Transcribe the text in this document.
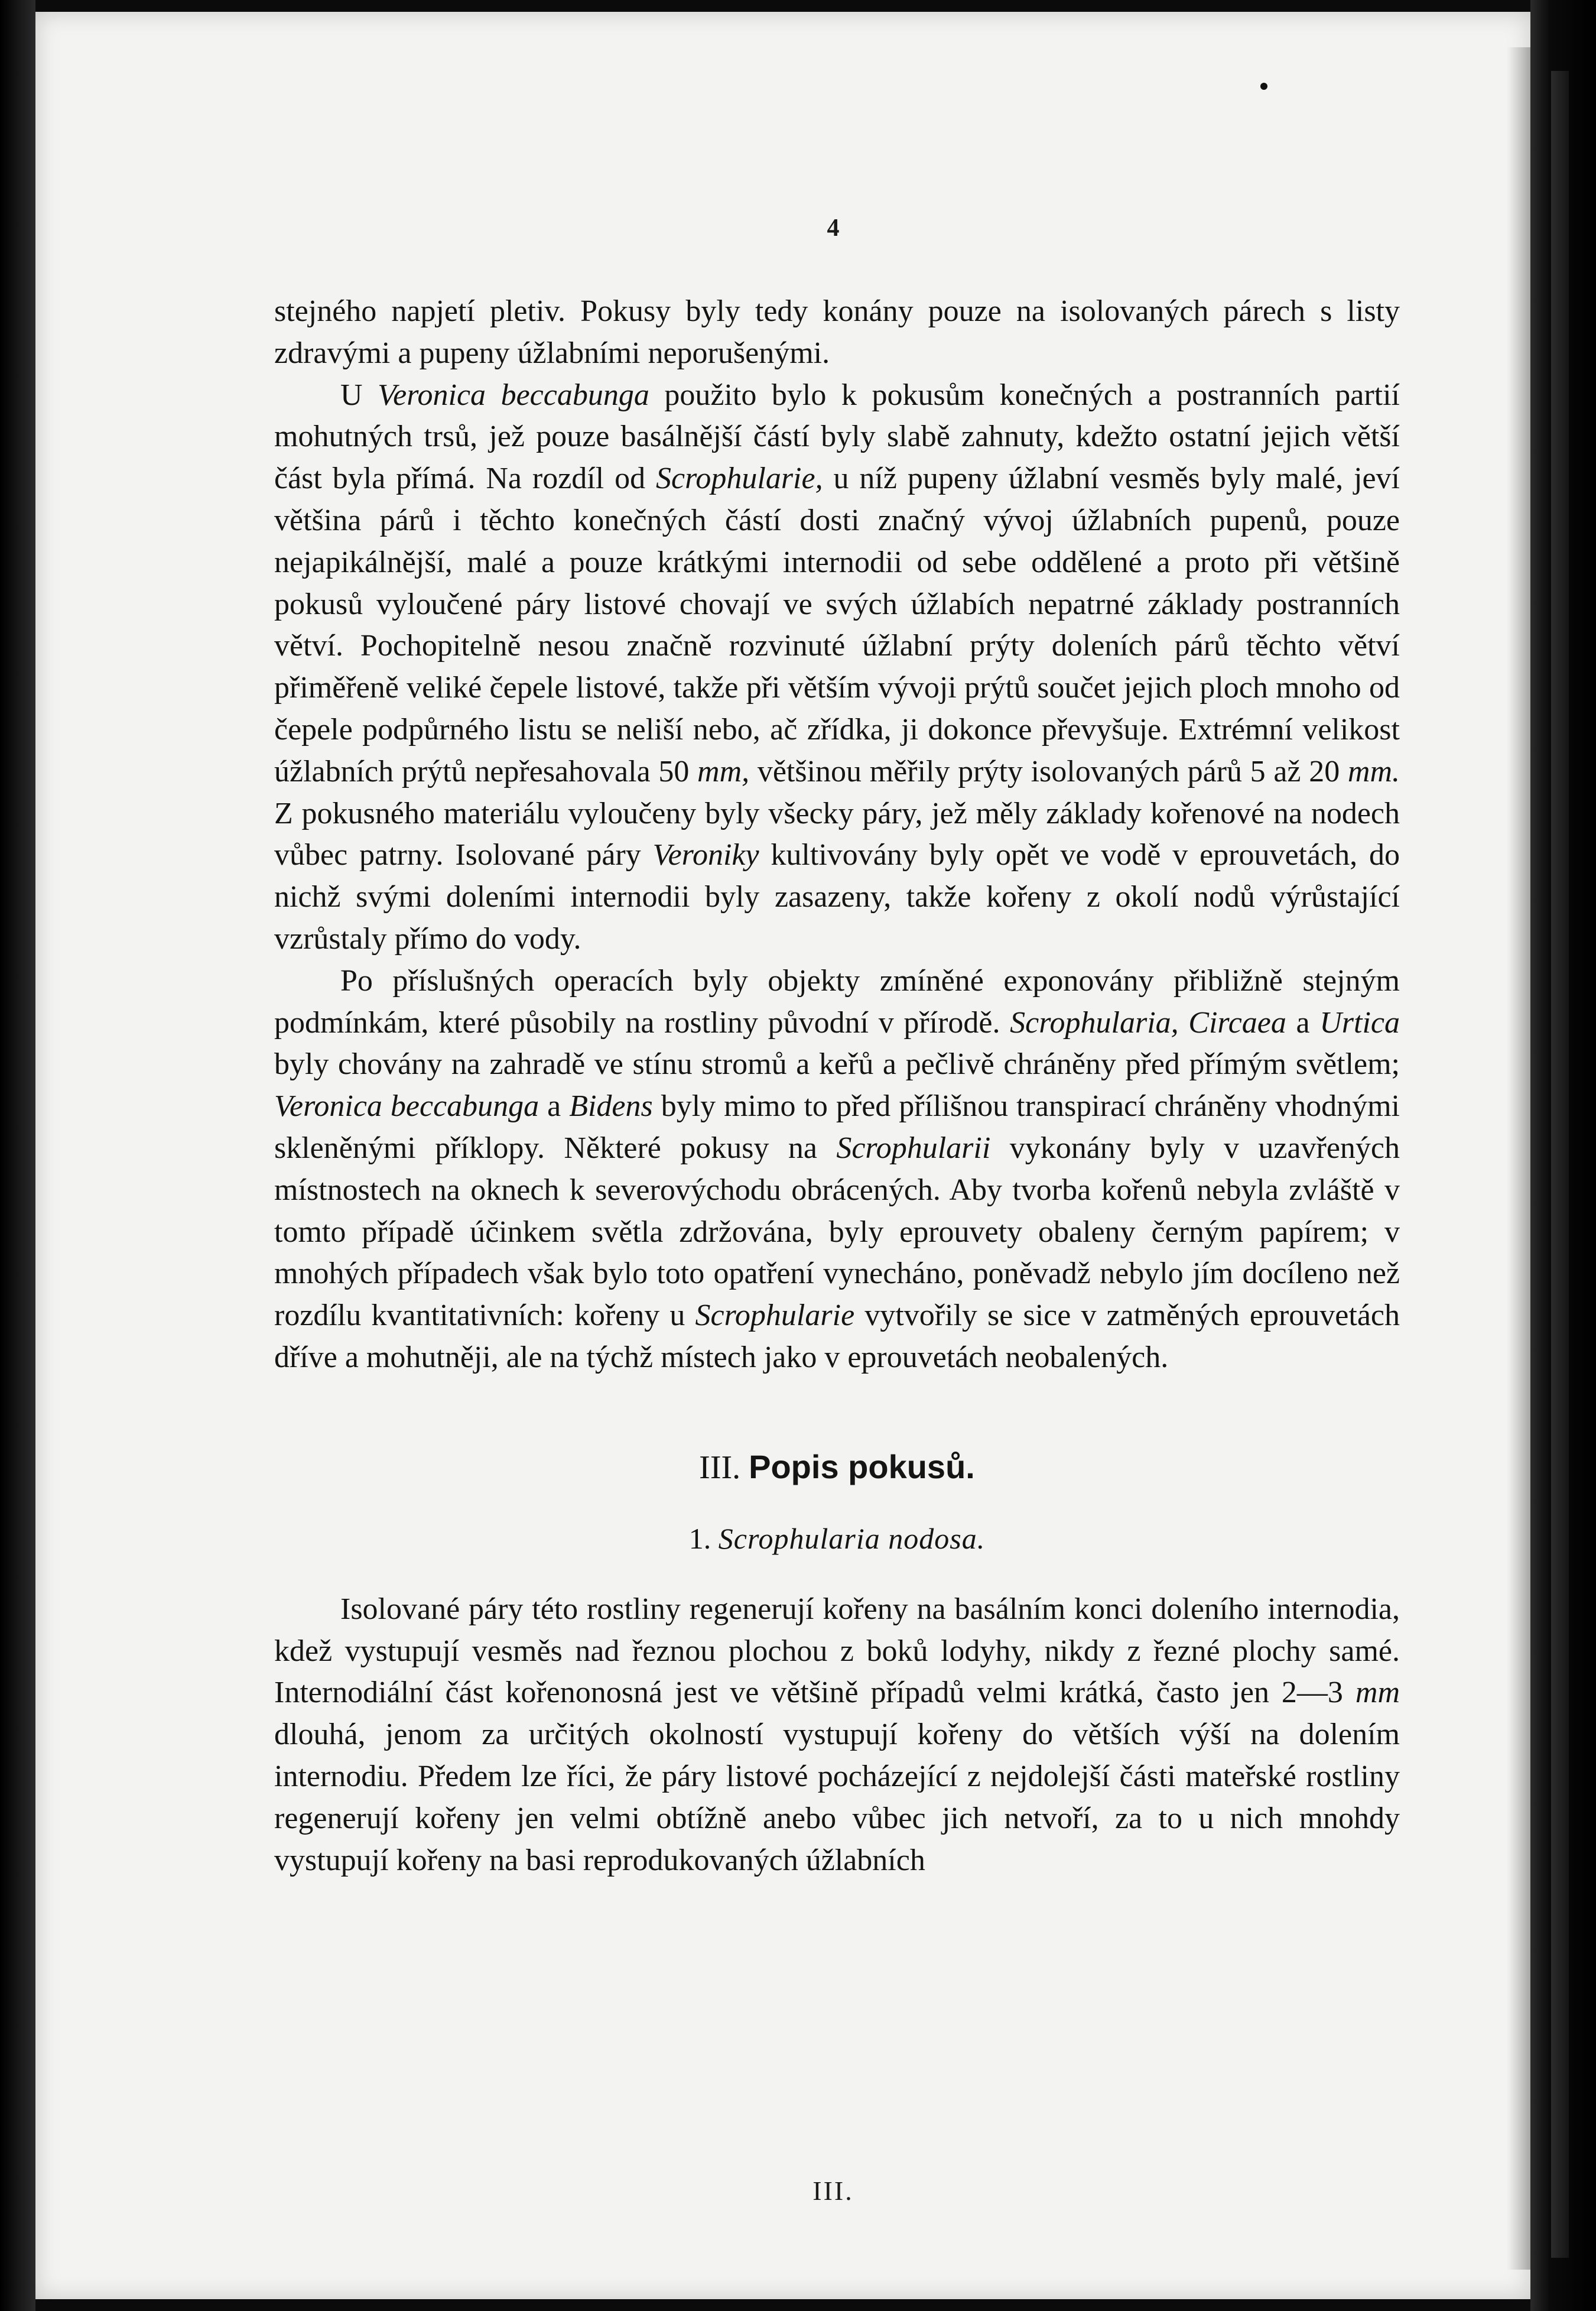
4

stejného napjetí pletiv. Pokusy byly tedy konány pouze na isolovaných párech s listy zdravými a pupeny úžlabními neporušenými.

U Veronica beccabunga použito bylo k pokusům konečných a postranních partií mohutných trsů, jež pouze basálnější částí byly slabě zahnuty, kdežto ostatní jejich větší část byla přímá. Na rozdíl od Scrophularie, u níž pupeny úžlabní vesměs byly malé, jeví většina párů i těchto konečných částí dosti značný vývoj úžlabních pupenů, pouze nejapikálnější, malé a pouze krátkými internodii od sebe oddělené a proto při většině pokusů vyloučené páry listové chovají ve svých úžlabích nepatrné základy postranních větví. Pochopitelně nesou značně rozvinuté úžlabní prýty doleních párů těchto větví přiměřeně veliké čepele listové, takže při větším vývoji prýtů součet jejich ploch mnoho od čepele podpůrného listu se neliší nebo, ač zřídka, ji dokonce převyšuje. Extrémní velikost úžlabních prýtů nepřesahovala 50 mm, většinou měřily prýty isolovaných párů 5 až 20 mm. Z pokusného materiálu vyloučeny byly všecky páry, jež měly základy kořenové na nodech vůbec patrny. Isolované páry Veroniky kultivovány byly opět ve vodě v eprouvetách, do nichž svými doleními internodii byly zasazeny, takže kořeny z okolí nodů výrůstající vzrůstaly přímo do vody.

Po příslušných operacích byly objekty zmíněné exponovány přibližně stejným podmínkám, které působily na rostliny původní v přírodě. Scrophularia, Circaea a Urtica byly chovány na zahradě ve stínu stromů a keřů a pečlivě chráněny před přímým světlem; Veronica beccabunga a Bidens byly mimo to před přílišnou transpirací chráněny vhodnými skleněnými příklopy. Některé pokusy na Scrophularii vykonány byly v uzavřených místnostech na oknech k severovýchodu obrácených. Aby tvorba kořenů nebyla zvláště v tomto případě účinkem světla zdržována, byly eprouvety obaleny černým papírem; v mnohých případech však bylo toto opatření vynecháno, poněvadž nebylo jím docíleno než rozdílu kvantitativních: kořeny u Scrophularie vytvořily se sice v zatměných eprouvetách dříve a mohutněji, ale na týchž místech jako v eprouvetách neobalených.

III. Popis pokusů.
1. Scrophularia nodosa.

Isolované páry této rostliny regenerují kořeny na basálním konci doleního internodia, kdež vystupují vesměs nad řeznou plochou z boků lodyhy, nikdy z řezné plochy samé. Internodiální část kořenonosná jest ve většině případů velmi krátká, často jen 2—3 mm dlouhá, jenom za určitých okolností vystupují kořeny do větších výší na dolením internodiu. Předem lze říci, že páry listové pocházející z nejdolejší části mateřské rostliny regenerují kořeny jen velmi obtížně anebo vůbec jich netvoří, za to u nich mnohdy vystupují kořeny na basi reprodukovaných úžlabních

III.
